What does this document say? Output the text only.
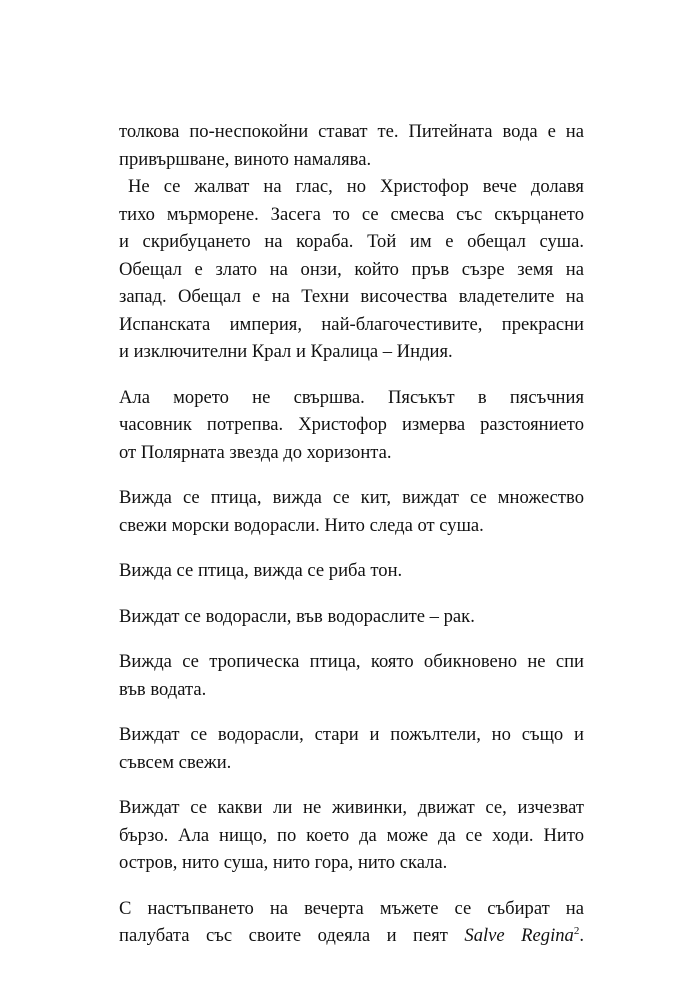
толкова по-неспокойни стават те. Питейната вода е на
привършване, виното намалява.

Не се жалват на глас, но Христофор вече долавя
тихо мърморене. Засега то се смесва със скърцането
и скрибуцането на кораба. Той им е обещал суша.
Обещал е злато на онзи, който пръв съзре земя на
запад. Обещал е на Техни височества владетелите на
Испанската империя, най-благочестивите, прекрасни
и изключителни Крал и Кралица – Индия.

Ала морето не свършва. Пясъкът в пясъчния
часовник потрепва. Христофор измерва разстоянието
от Полярната звезда до хоризонта.

Вижда се птица, вижда се кит, виждат се множество
свежи морски водорасли. Нито следа от суша.

Вижда се птица, вижда се риба тон.

Виждат се водорасли, във водораслите – рак.

Вижда се тропическа птица, която обикновено не спи
във водата.

Виждат се водорасли, стари и пожълтели, но също и
съвсем свежи.

Виждат се какви ли не живинки, движат се, изчезват
бързо. Ала нищо, по което да може да се ходи. Нито
остров, нито суша, нито гора, нито скала.

С настъпването на вечерта мъжете се събират на
палубата със своите одеяла и пеят Salve Regina$^2$.
